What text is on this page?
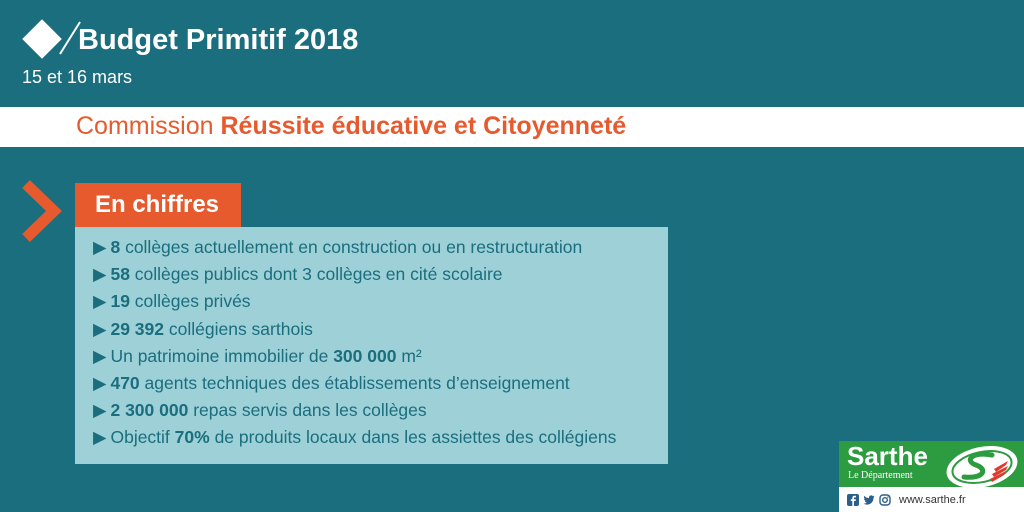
Budget Primitif 2018
15 et 16 mars
Commission Réussite éducative et Citoyenneté
En chiffres
▶ 8 collèges actuellement en construction ou en restructuration
▶ 58 collèges publics dont 3 collèges en cité scolaire
▶ 19 collèges privés
▶ 29 392 collégiens sarthois
▶ Un patrimoine immobilier de 300 000 m²
▶ 470 agents techniques des établissements d’enseignement
▶ 2 300 000 repas servis dans les collèges
▶ Objectif 70% de produits locaux dans les assiettes des collégiens
Sarthe
Le Département
www.sarthe.fr
